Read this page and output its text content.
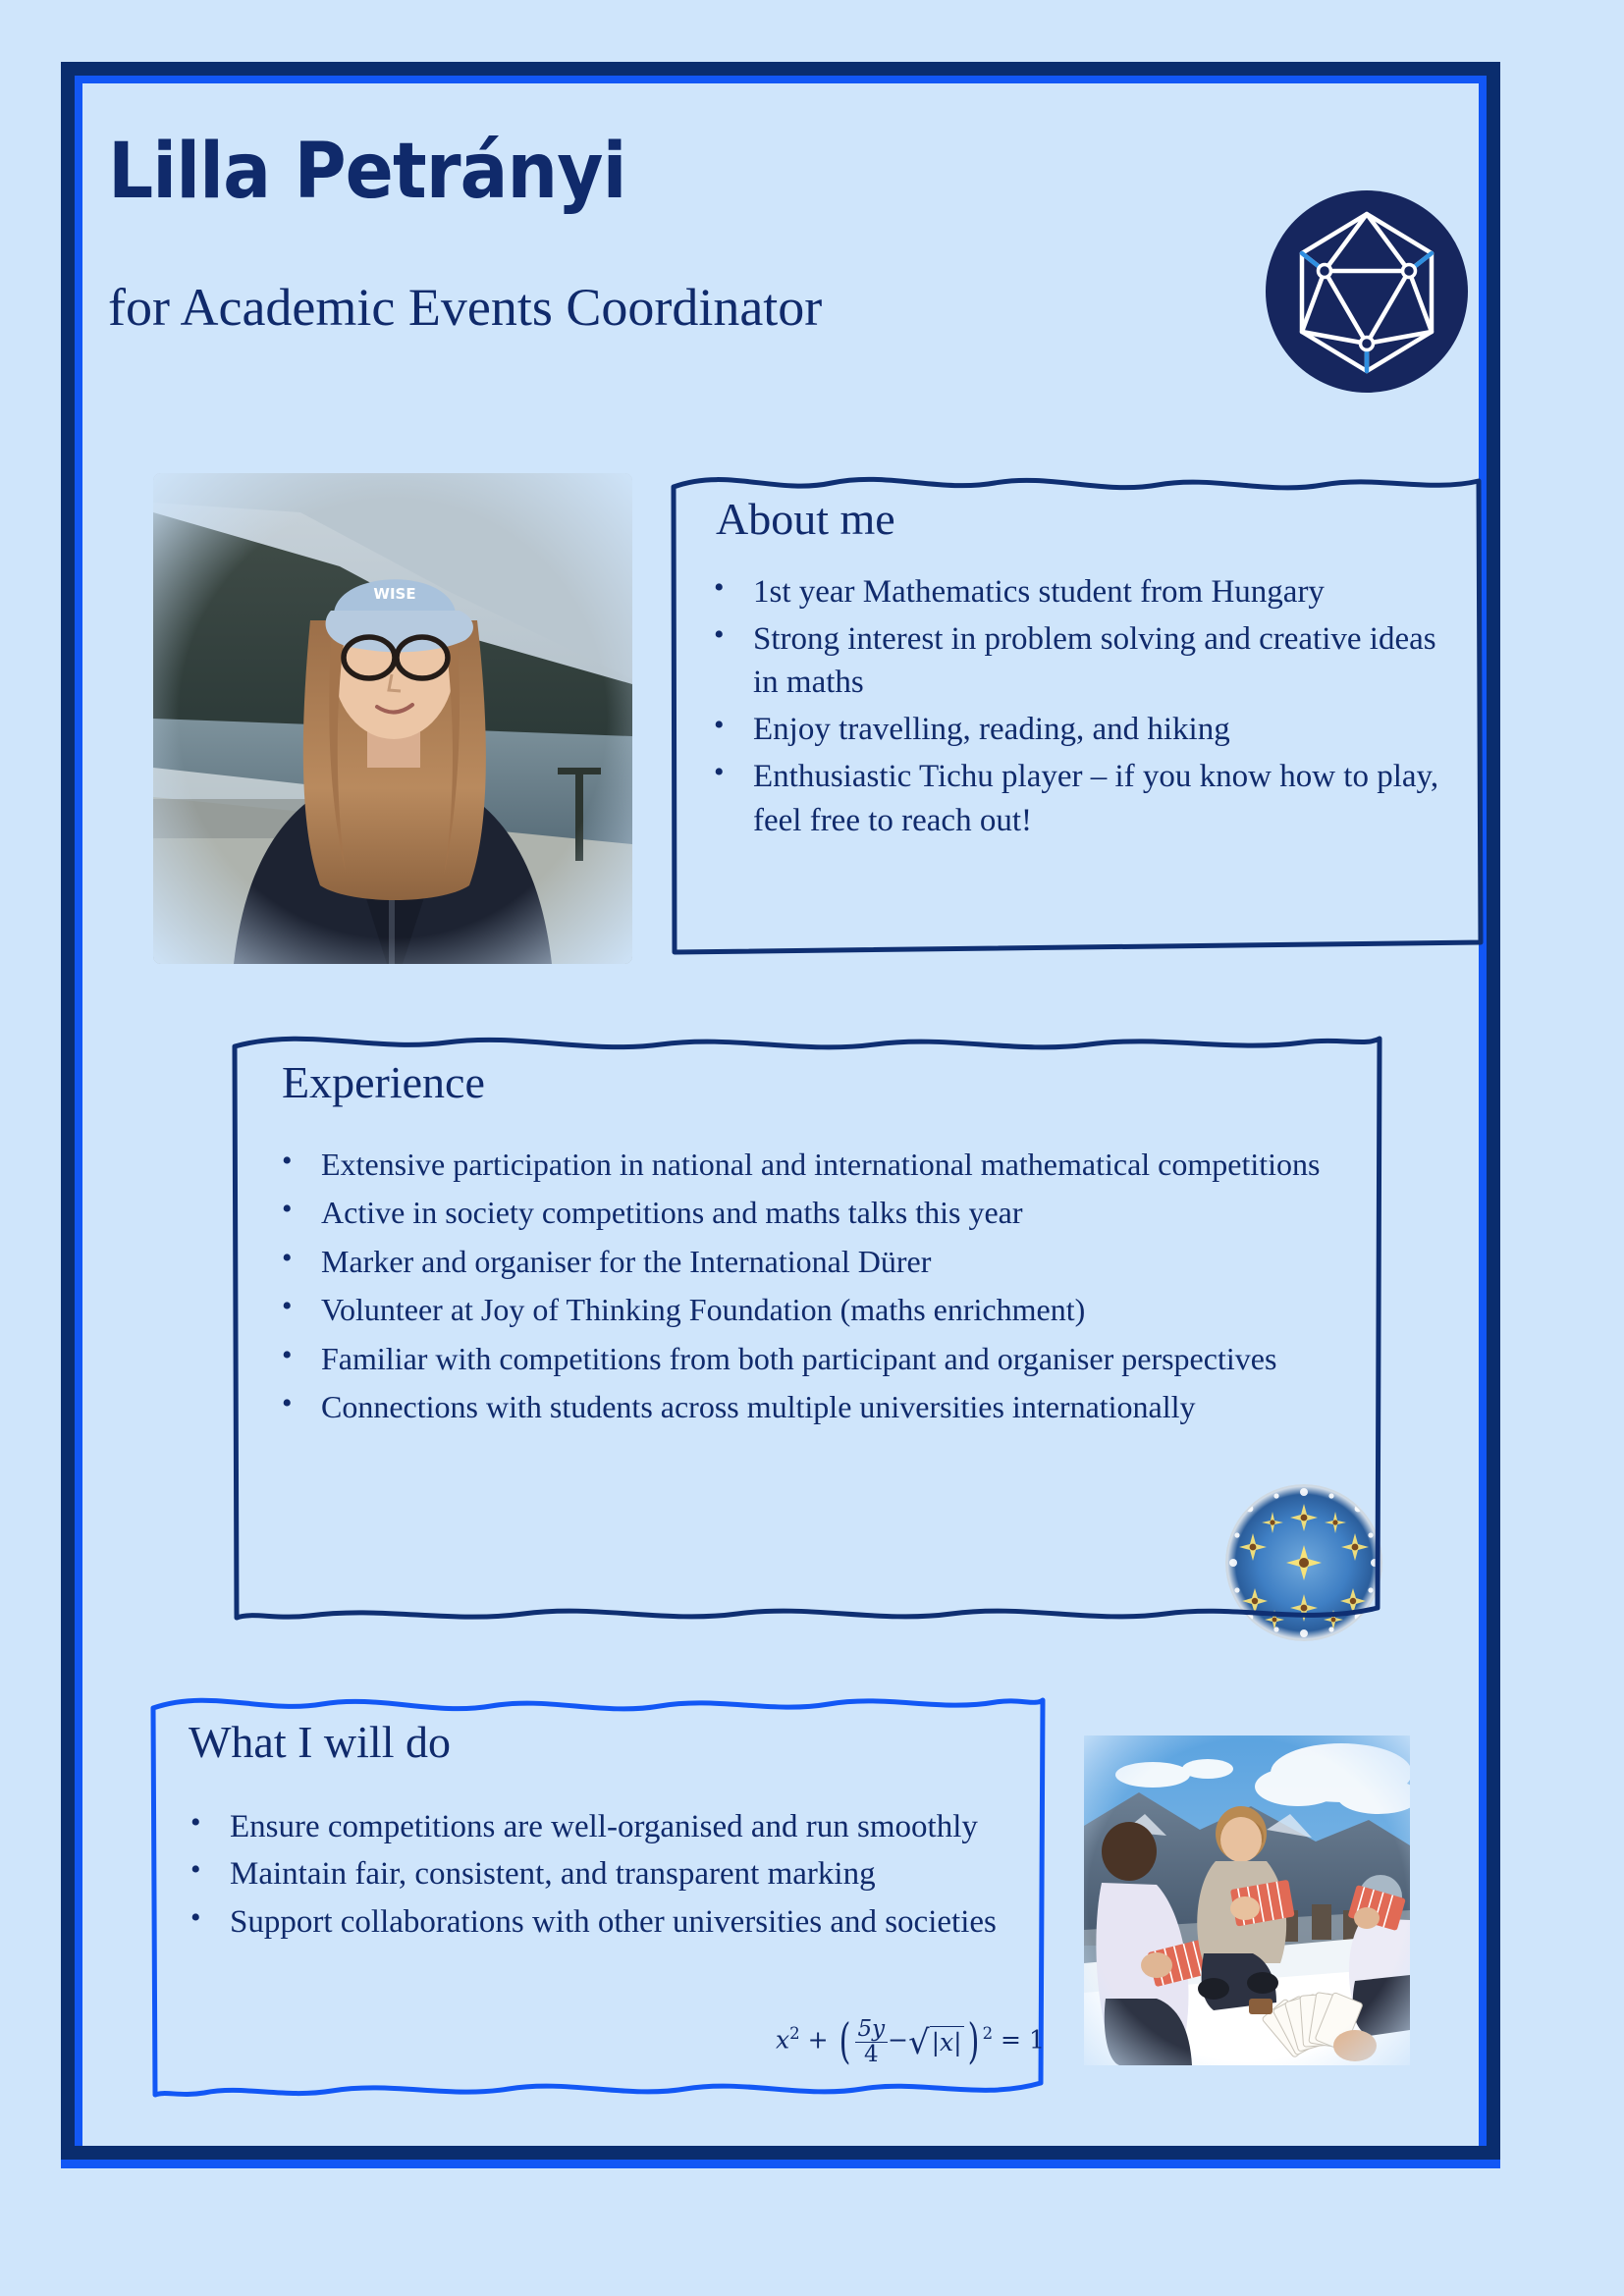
Lilla Petrányi
for Academic Events Coordinator
About me
• 1st year Mathematics student from Hungary
• Strong interest in problem solving and creative ideas in maths
• Enjoy travelling, reading, and hiking
• Enthusiastic Tichu player – if you know how to play, feel free to reach out!
Experience
• Extensive participation in national and international mathematical competitions
• Active in society competitions and maths talks this year
• Marker and organiser for the International Dürer
• Volunteer at Joy of Thinking Foundation (maths enrichment)
• Familiar with competitions from both participant and organiser perspectives
• Connections with students across multiple universities internationally
What I will do
• Ensure competitions are well-organised and run smoothly
• Maintain fair, consistent, and transparent marking
• Support collaborations with other universities and societies
$x^2$ + ( $\frac{5y}{4} -√|x|$ ) $^2$ = 1
